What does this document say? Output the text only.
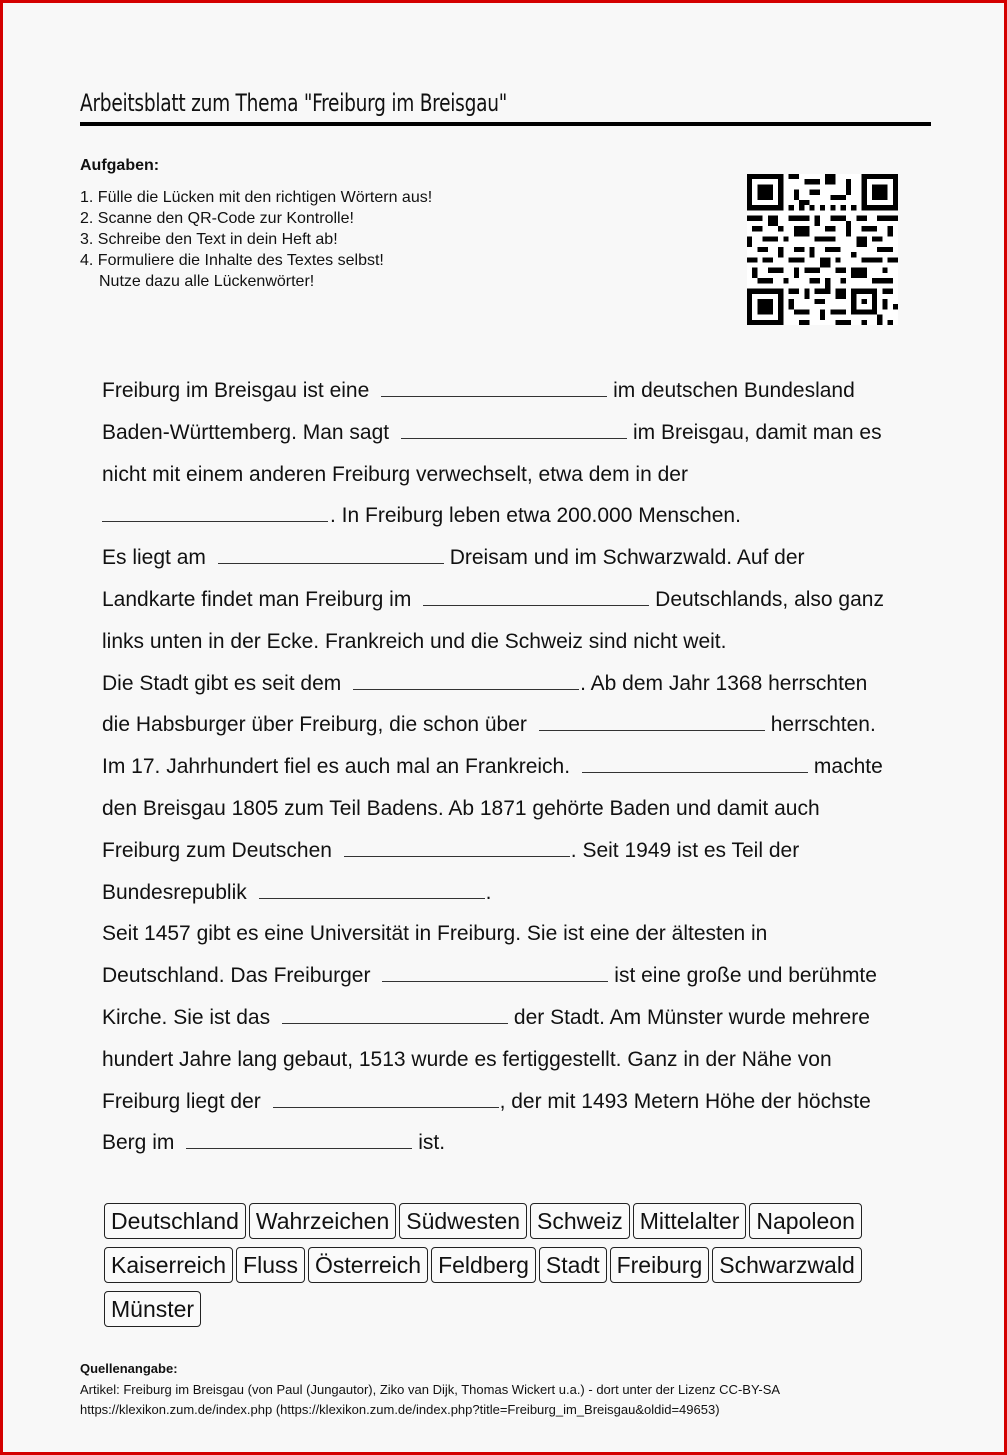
Arbeitsblatt zum Thema "Freiburg im Breisgau"
Aufgaben:
1. Fülle die Lücken mit den richtigen Wörtern aus!
2. Scanne den QR-Code zur Kontrolle!
3. Schreibe den Text in dein Heft ab!
4. Formuliere die Inhalte des Textes selbst!
Nutze dazu alle Lückenwörter!
Freiburg im Breisgau ist eine	im deutschen Bundesland
Baden-Württemberg. Man sagt	im Breisgau, damit man es
nicht mit einem anderen Freiburg verwechselt, etwa dem in der
. In Freiburg leben etwa 200.000 Menschen.
Es liegt am	Dreisam und im Schwarzwald. Auf der
Landkarte findet man Freiburg im	Deutschlands, also ganz
links unten in der Ecke. Frankreich und die Schweiz sind nicht weit.
Die Stadt gibt es seit dem	. Ab dem Jahr 1368 herrschten
die Habsburger über Freiburg, die schon über	herrschten.
Im 17. Jahrhundert fiel es auch mal an Frankreich.	machte
den Breisgau 1805 zum Teil Badens. Ab 1871 gehörte Baden und damit auch
Freiburg zum Deutschen	. Seit 1949 ist es Teil der
Bundesrepublik	.
Seit 1457 gibt es eine Universität in Freiburg. Sie ist eine der ältesten in
Deutschland. Das Freiburger	ist eine große und berühmte
Kirche. Sie ist das	der Stadt. Am Münster wurde mehrere
hundert Jahre lang gebaut, 1513 wurde es fertiggestellt. Ganz in der Nähe von
Freiburg liegt der	, der mit 1493 Metern Höhe der höchste
Berg im	ist.
Deutschland Wahrzeichen Südwesten Schweiz Mittelalter Napoleon
Kaiserreich Fluss Österreich Feldberg Stadt Freiburg Schwarzwald
Münster
Quellenangabe:
Artikel: Freiburg im Breisgau (von Paul (Jungautor), Ziko van Dijk, Thomas Wickert u.a.) - dort unter der Lizenz CC-BY-SA
https://klexikon.zum.de/index.php (https://klexikon.zum.de/index.php?title=Freiburg_im_Breisgau&oldid=49653)
